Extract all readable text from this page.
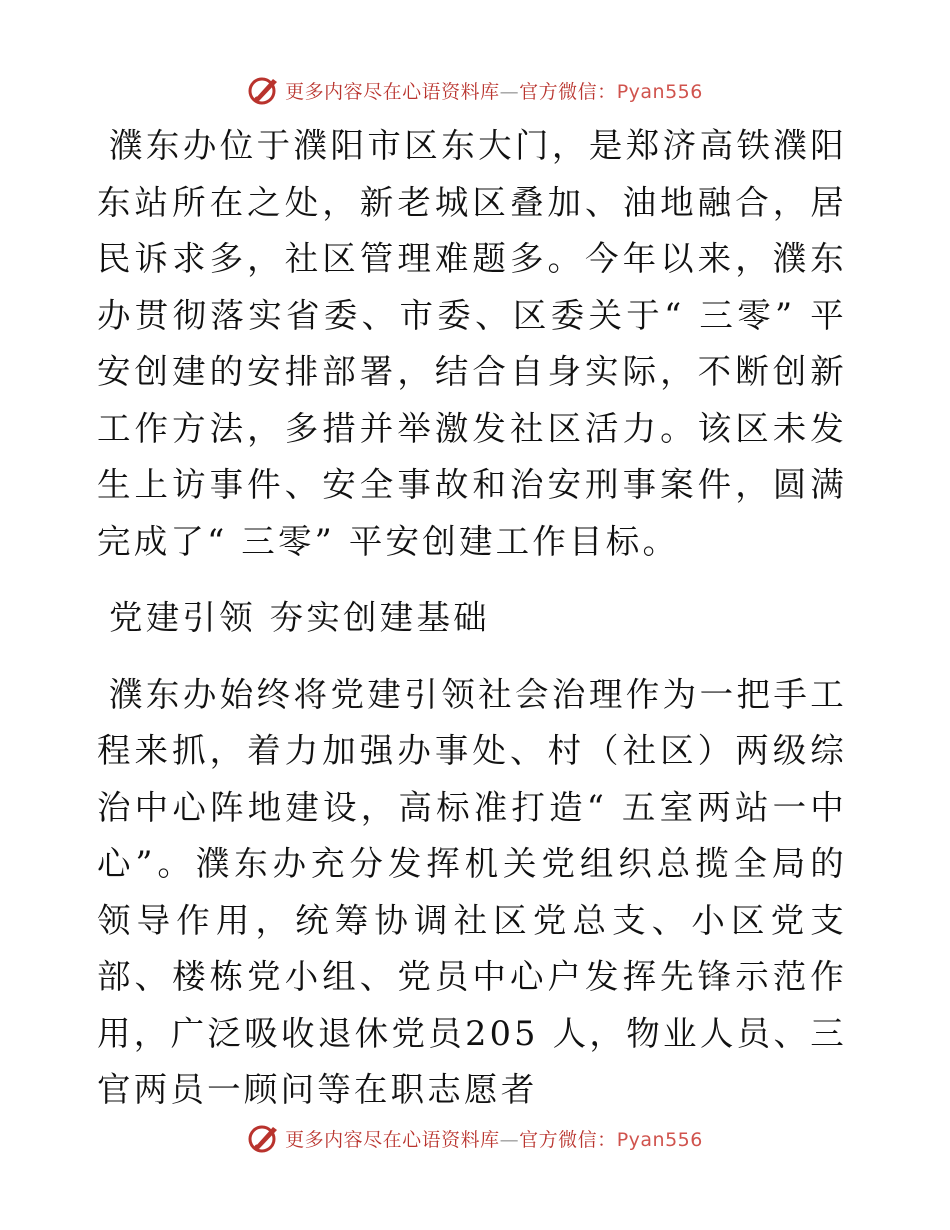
更多内容尽在心语资料库—官方微信：Pyan556

濮东办位于濮阳市区东大门，是郑济高铁濮阳东站所在之处，新老城区叠加、油地融合，居民诉求多，社区管理难题多。今年以来，濮东办贯彻落实省委、市委、区委关于“ 三零” 平安创建的安排部署，结合自身实际，不断创新工作方法，多措并举激发社区活力。该区未发生上访事件、安全事故和治安刑事案件，圆满完成了“ 三零” 平安创建工作目标。

党建引领 夯实创建基础

濮东办始终将党建引领社会治理作为一把手工程来抓，着力加强办事处、村（社区）两级综治中心阵地建设，高标准打造“ 五室两站一中心”。濮东办充分发挥机关党组织总揽全局的领导作用，统筹协调社区党总支、小区党支部、楼栋党小组、党员中心户发挥先锋示范作用，广泛吸收退休党员205 人，物业人员、三官两员一顾问等在职志愿者

更多内容尽在心语资料库—官方微信：Pyan556
